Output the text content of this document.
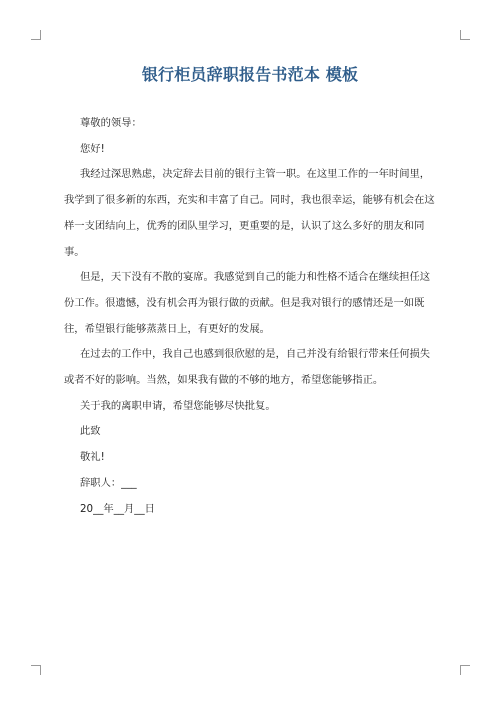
银行柜员辞职报告书范本 模板

尊敬的领导：

您好!

我经过深思熟虑，决定辞去目前的银行主管一职。在这里工作的一年时间里，我学到了很多新的东西，充实和丰富了自己。同时，我也很幸运，能够有机会在这样一支团结向上，优秀的团队里学习，更重要的是，认识了这么多好的朋友和同事。

但是，天下没有不散的宴席。我感觉到自己的能力和性格不适合在继续担任这份工作。很遗憾，没有机会再为银行做的贡献。但是我对银行的感情还是一如既往，希望银行能够蒸蒸日上，有更好的发展。

在过去的工作中，我自己也感到很欣慰的是，自己并没有给银行带来任何损失或者不好的影响。当然，如果我有做的不够的地方，希望您能够指正。

关于我的离职申请，希望您能够尽快批复。

此致

敬礼!

辞职人：___

20__年__月__日
